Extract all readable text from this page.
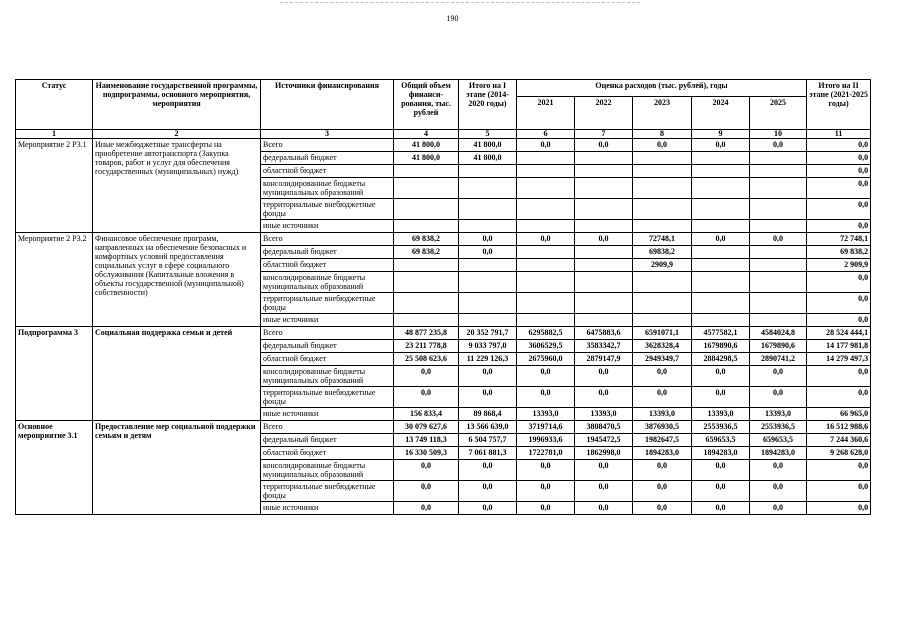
190
Статус	Наименование государственной программы, подпрограммы, основного мероприятия, мероприятия	Источники финансирования	Общий объем финанси-рования, тыс. рублей	Итого на I этапе (2014-2020 годы)	Оценка расходов (тыс. рублей), годы					Итого на II этапе (2021-2025 годы)
					2021	2022	2023	2024	2025	
1	2	3	4	5	6	7	8	9	10	11
Мероприятие 2 Р3.1	Иные межбюджетные трансферты на приобретение автотранспорта (Закупка товаров, работ и услуг для обеспечения государственных (муниципальных) нужд)	Всего	41 800,0	41 800,0	0,0	0,0	0,0	0,0	0,0	0,0
		федеральный бюджет	41 800,0	41 800,0						0,0
		областной бюджет								0,0
		консолидированные бюджеты муниципальных образований								0,0
		территориальные внебюджетные фонды								0,0
		иные источники								0,0
Мероприятие 2 Р3.2	Финансовое обеспечение программ, направленных на обеспечение безопасных и комфортных условий предоставления социальных услуг в сфере социального обслуживания (Капитальные вложения в объекты государственной (муниципальной) собственности)	Всего	69 838,2	0,0	0,0	0,0	72748,1	0,0	0,0	72 748,1
		федеральный бюджет	69 838,2	0,0			69838,2			69 838,2
		областной бюджет					2909,9			2 909,9
		консолидированные бюджеты муниципальных образований								0,0
		территориальные внебюджетные фонды								0,0
		иные источники								0,0
Подпрограмма 3	Социальная поддержка семьи и детей	Всего	48 877 235,8	20 352 791,7	6295882,5	6475883,6	6591071,1	4577582,1	4584024,8	28 524 444,1
		федеральный бюджет	23 211 778,8	9 033 797,0	3606529,5	3583342,7	3628328,4	1679890,6	1679890,6	14 177 981,8
		областной бюджет	25 508 623,6	11 229 126,3	2675960,0	2879147,9	2949349,7	2884298,5	2890741,2	14 279 497,3
		консолидированные бюджеты муниципальных образований	0,0	0,0	0,0	0,0	0,0	0,0	0,0	0,0
		территориальные внебюджетные фонды	0,0	0,0	0,0	0,0	0,0	0,0	0,0	0,0
		иные источники	156 833,4	89 868,4	13393,0	13393,0	13393,0	13393,0	13393,0	66 965,0
Основное мероприятие 3.1	Предоставление мер социальной поддержки семьям и детям	Всего	30 079 627,6	13 566 639,0	3719714,6	3808470,5	3876930,5	2553936,5	2553936,5	16 512 988,6
		федеральный бюджет	13 749 118,3	6 504 757,7	1996933,6	1945472,5	1982647,5	659653,5	659653,5	7 244 360,6
		областной бюджет	16 330 509,3	7 061 881,3	1722781,0	1862998,0	1894283,0	1894283,0	1894283,0	9 268 628,0
		консолидированные бюджеты муниципальных образований	0,0	0,0	0,0	0,0	0,0	0,0	0,0	0,0
		территориальные внебюджетные фонды	0,0	0,0	0,0	0,0	0,0	0,0	0,0	0,0
		иные источники	0,0	0,0	0,0	0,0	0,0	0,0	0,0	0,0
